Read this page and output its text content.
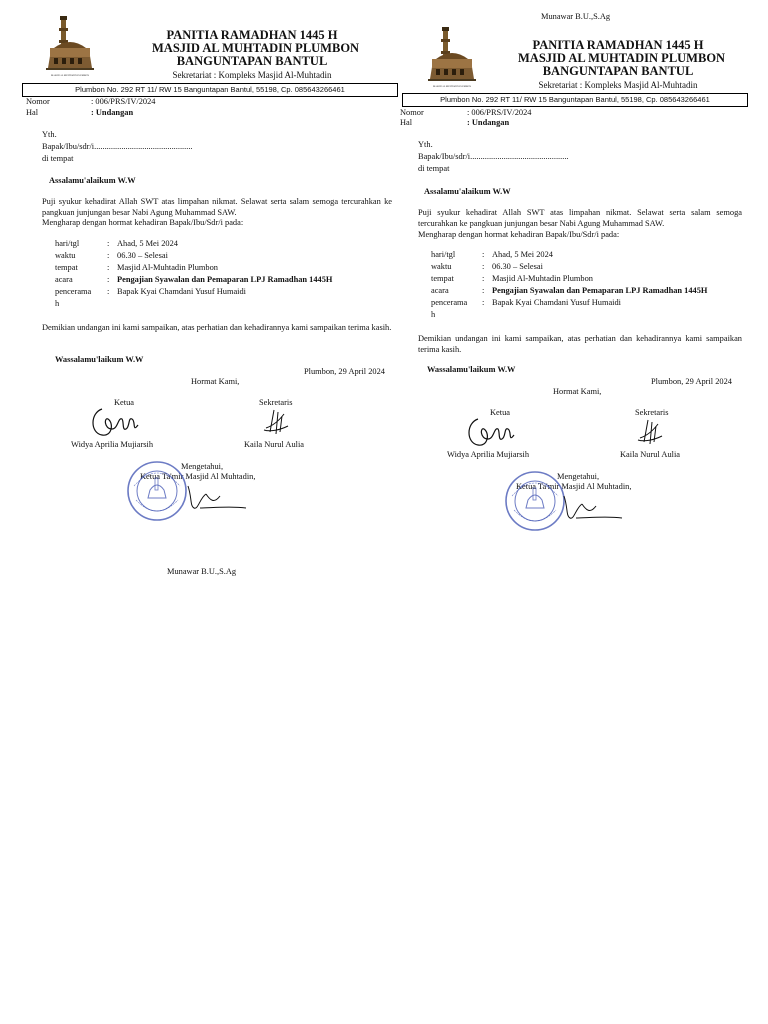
Munawar B.U.,S.Ag
MASJID AL MUHTADIN PLUMBON
PANITIA RAMADHAN 1445 H
MASJID AL MUHTADIN PLUMBON
BANGUNTAPAN BANTUL
Sekretariat : Kompleks Masjid Al-Muhtadin
Plumbon No. 292 RT 11/ RW 15 Banguntapan Bantul, 55198, Cp. 085643266461
Nomor	: 006/PRS/IV/2024
Hal	: Undangan
Yth.
Bapak/Ibu/sdr/i...............................................
di tempat
Assalamu'alaikum W.W
Puji syukur kehadirat Allah SWT atas limpahan nikmat. Selawat serta salam semoga tercurahkan ke pangkuan junjungan besar Nabi Agung Muhammad SAW.
Mengharap dengan hormat kehadiran Bapak/Ibu/Sdr/i pada:
hari/tgl	: Ahad, 5 Mei 2024
waktu	: 06.30 – Selesai
tempat	: Masjid Al-Muhtadin Plumbon
acara	: Pengajian Syawalan dan Pemaparan LPJ Ramadhan 1445H
pencerama : Bapak Kyai Chamdani Yusuf Humaidi
h
Demikian undangan ini kami sampaikan, atas perhatian dan kehadirannya kami sampaikan terima kasih.
Wassalamu'laikum W.W
Plumbon, 29 April 2024
Hormat Kami,
Ketua	Sekretaris
Widya Aprilia Mujiarsih	Kaila Nurul Aulia
Mengetahui,
Ketua Ta'mir Masjid Al Muhtadin,
Munawar B.U.,S.Ag
MASJID AL MUHTADIN PLUMBON
PANITIA RAMADHAN 1445 H
MASJID AL MUHTADIN PLUMBON
BANGUNTAPAN BANTUL
Sekretariat : Kompleks Masjid Al-Muhtadin
Plumbon No. 292 RT 11/ RW 15 Banguntapan Bantul, 55198, Cp. 085643266461
Nomor	: 006/PRS/IV/2024
Hal	: Undangan
Yth.
Bapak/Ibu/sdr/i...............................................
di tempat
Assalamu'alaikum W.W
Puji syukur kehadirat Allah SWT atas limpahan nikmat. Selawat serta salam semoga tercurahkan ke pangkuan junjungan besar Nabi Agung Muhammad SAW.
Mengharap dengan hormat kehadiran Bapak/Ibu/Sdr/i pada:
hari/tgl	: Ahad, 5 Mei 2024
waktu	: 06.30 – Selesai
tempat	: Masjid Al-Muhtadin Plumbon
acara	: Pengajian Syawalan dan Pemaparan LPJ Ramadhan 1445H
pencerama : Bapak Kyai Chamdani Yusuf Humaidi
h
Demikian undangan ini kami sampaikan, atas perhatian dan kehadirannya kami sampaikan terima kasih.
Wassalamu'laikum W.W
Plumbon, 29 April 2024
Hormat Kami,
Ketua	Sekretaris
Widya Aprilia Mujiarsih	Kaila Nurul Aulia
Mengetahui,
Ketua Ta'mir Masjid Al Muhtadin,
